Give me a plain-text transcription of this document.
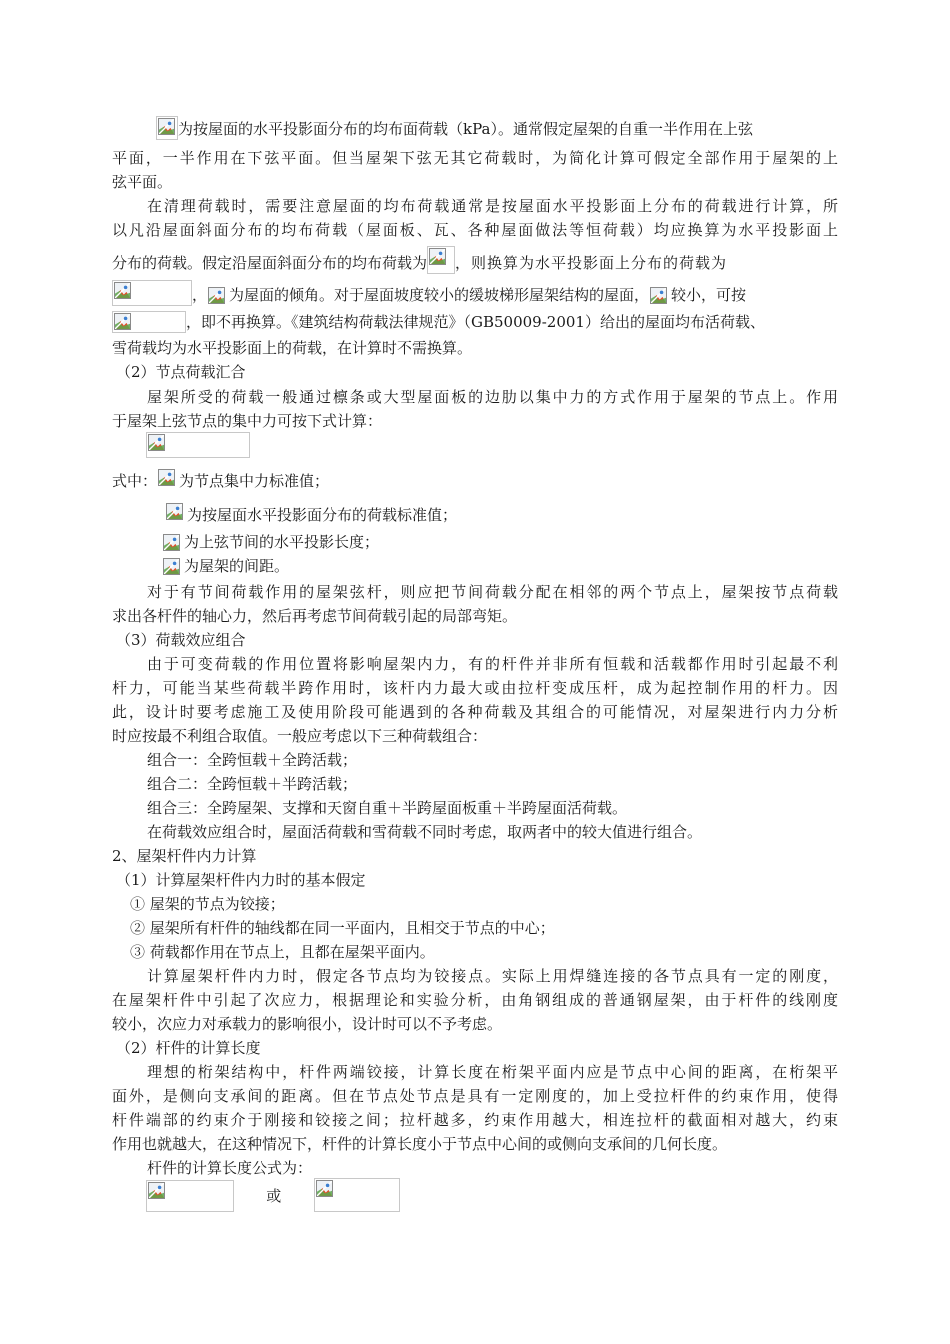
为按屋面的水平投影面分布的均布面荷载（kPa）。通常假定屋架的自重一半作用在上弦
平面，一半作用在下弦平面。但当屋架下弦无其它荷载时，为简化计算可假定全部作用于屋架的上
弦平面。
在清理荷载时，需要注意屋面的均布荷载通常是按屋面水平投影面上分布的荷载进行计算，所
以凡沿屋面斜面分布的均布荷载（屋面板、瓦、各种屋面做法等恒荷载）均应换算为水平投影面上
分布的荷载。假定沿屋面斜面分布的均布荷载为 ，则换算为水平投影面上分布的荷载为
， 为屋面的倾角。对于屋面坡度较小的缓坡梯形屋架结构的屋面， 较小，可按
，即不再换算。《建筑结构荷载法律规范》（GB50009-2001）给出的屋面均布活荷载、
雪荷载均为水平投影面上的荷载，在计算时不需换算。
（2）节点荷载汇合
屋架所受的荷载一般通过檩条或大型屋面板的边肋以集中力的方式作用于屋架的节点上。作用
于屋架上弦节点的集中力可按下式计算：
式中： 为节点集中力标准值；
为按屋面水平投影面分布的荷载标准值；
为上弦节间的水平投影长度；
为屋架的间距。
对于有节间荷载作用的屋架弦杆，则应把节间荷载分配在相邻的两个节点上，屋架按节点荷载
求出各杆件的轴心力，然后再考虑节间荷载引起的局部弯矩。
（3）荷载效应组合
由于可变荷载的作用位置将影响屋架内力，有的杆件并非所有恒载和活载都作用时引起最不利
杆力，可能当某些荷载半跨作用时，该杆内力最大或由拉杆变成压杆，成为起控制作用的杆力。因
此，设计时要考虑施工及使用阶段可能遇到的各种荷载及其组合的可能情况，对屋架进行内力分析
时应按最不利组合取值。一般应考虑以下三种荷载组合：
组合一：全跨恒载＋全跨活载；
组合二：全跨恒载＋半跨活载；
组合三：全跨屋架、支撑和天窗自重＋半跨屋面板重＋半跨屋面活荷载。
在荷载效应组合时，屋面活荷载和雪荷载不同时考虑，取两者中的较大值进行组合。
2、屋架杆件内力计算
（1）计算屋架杆件内力时的基本假定
① 屋架的节点为铰接；
② 屋架所有杆件的轴线都在同一平面内，且相交于节点的中心；
③ 荷载都作用在节点上，且都在屋架平面内。
计算屋架杆件内力时，假定各节点均为铰接点。实际上用焊缝连接的各节点具有一定的刚度，
在屋架杆件中引起了次应力，根据理论和实验分析，由角钢组成的普通钢屋架，由于杆件的线刚度
较小，次应力对承载力的影响很小，设计时可以不予考虑。
（2）杆件的计算长度
理想的桁架结构中，杆件两端铰接，计算长度在桁架平面内应是节点中心间的距离，在桁架平
面外，是侧向支承间的距离。但在节点处节点是具有一定刚度的，加上受拉杆件的约束作用，使得
杆件端部的约束介于刚接和铰接之间；拉杆越多，约束作用越大，相连拉杆的截面相对越大，约束
作用也就越大，在这种情况下，杆件的计算长度小于节点中心间的或侧向支承间的几何长度。
杆件的计算长度公式为：
或
